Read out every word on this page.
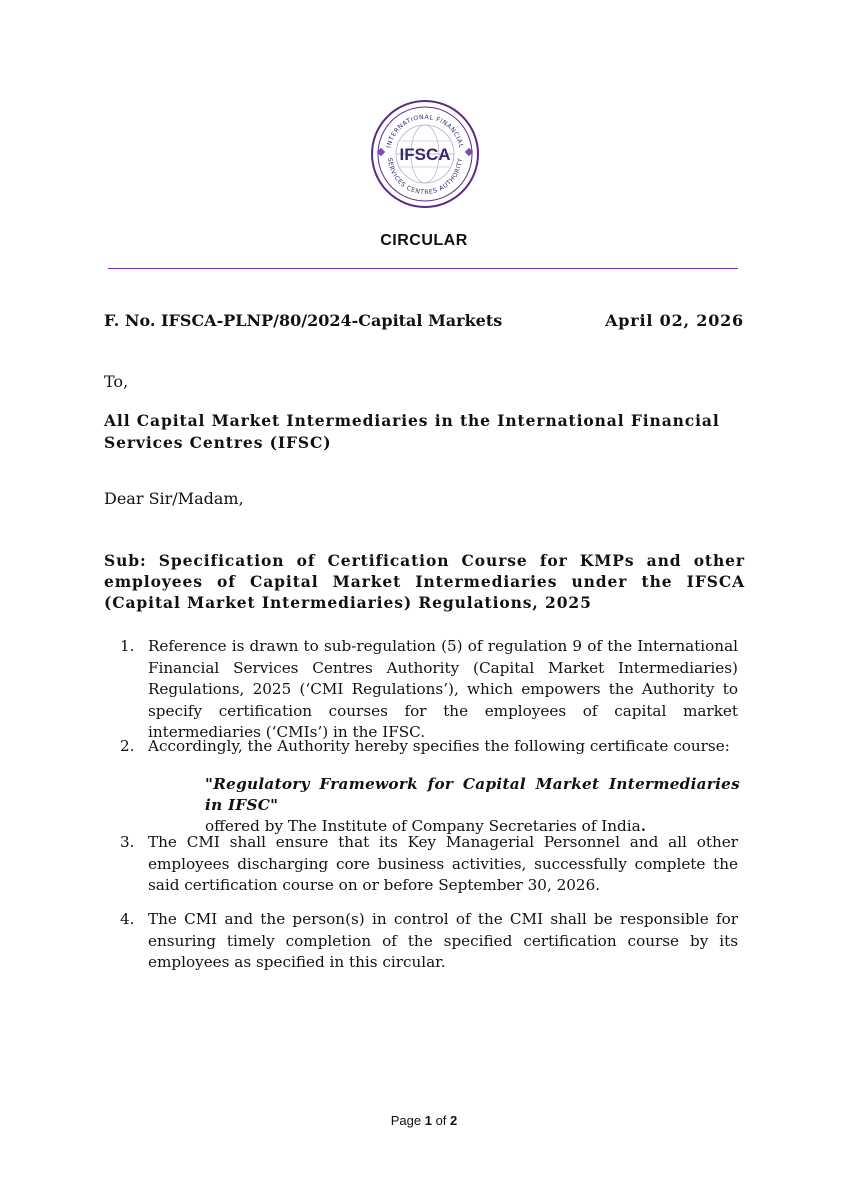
INTERNATIONAL FINANCIAL
SERVICES CENTRES AUTHORITY
IFSCA
CIRCULAR
F. No. IFSCA-PLNP/80/2024-Capital Markets	April 02, 2026
To,
All Capital Market Intermediaries in the International Financial Services Centres (IFSC)
Dear Sir/Madam,
Sub: Specification of Certification Course for KMPs and other employees of Capital Market Intermediaries under the IFSCA (Capital Market Intermediaries) Regulations, 2025
1. Reference is drawn to sub-regulation (5) of regulation 9 of the International Financial Services Centres Authority (Capital Market Intermediaries) Regulations, 2025 (‘CMI Regulations’), which empowers the Authority to specify certification courses for the employees of capital market intermediaries (‘CMIs’) in the IFSC.
2. Accordingly, the Authority hereby specifies the following certificate course:
"Regulatory Framework for Capital Market Intermediaries in IFSC"
offered by The Institute of Company Secretaries of India.
3. The CMI shall ensure that its Key Managerial Personnel and all other employees discharging core business activities, successfully complete the said certification course on or before September 30, 2026.
4. The CMI and the person(s) in control of the CMI shall be responsible for ensuring timely completion of the specified certification course by its employees as specified in this circular.
Page 1 of 2
